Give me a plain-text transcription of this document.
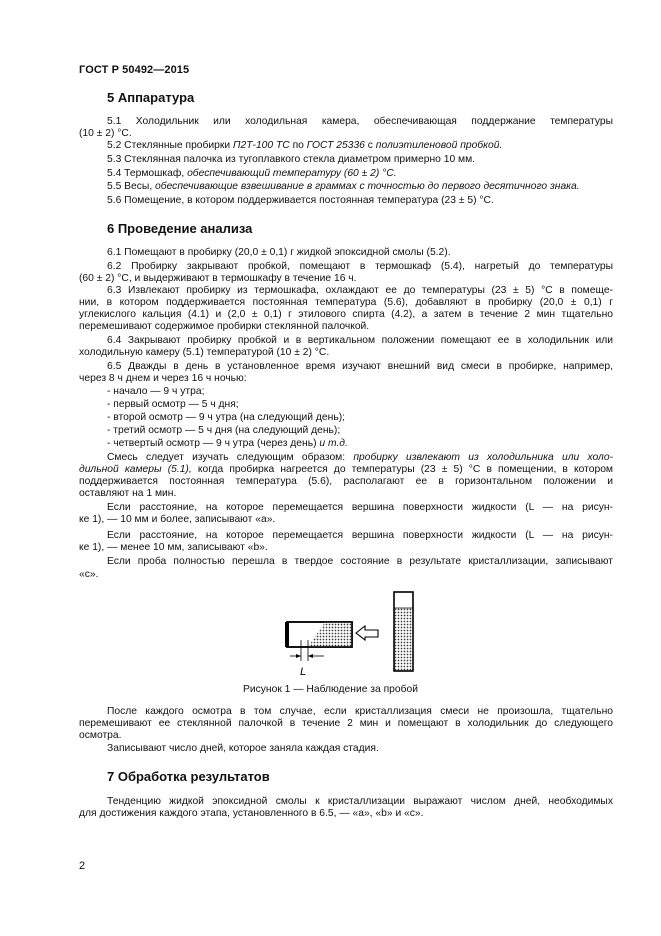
ГОСТ Р 50492—2015
5 Аппаратура
5.1 Холодильник или холодильная камера, обеспечивающая поддержание температуры
(10 ± 2) °С.
5.2 Стеклянные пробирки П2Т-100 ТС по ГОСТ 25336 с полиэтиленовой пробкой.
5.3 Стеклянная палочка из тугоплавкого стекла диаметром примерно 10 мм.
5.4 Термошкаф, обеспечивающий температуру (60 ± 2) °С.
5.5 Весы, обеспечивающие взвешивание в граммах с точностью до первого десятичного знака.
5.6 Помещение, в котором поддерживается постоянная температура (23 ± 5) °С.
6 Проведение анализа
6.1 Помещают в пробирку (20,0 ± 0,1) г жидкой эпоксидной смолы (5.2).
6.2 Пробирку закрывают пробкой, помещают в термошкаф (5.4), нагретый до температуры
(60 ± 2) °С, и выдерживают в термошкафу в течение 16 ч.
6.3 Извлекают пробирку из термошкафа, охлаждают ее до температуры (23 ± 5) °С в помеще-
нии, в котором поддерживается постоянная температура (5.6), добавляют в пробирку (20,0 ± 0,1) г
углекислого кальция (4.1) и (2,0 ± 0,1) г этилового спирта (4.2), а затем в течение 2 мин тщательно
перемешивают содержимое пробирки стеклянной палочкой.
6.4 Закрывают пробирку пробкой и в вертикальном положении помещают ее в холодильник или
холодильную камеру (5.1) температурой (10 ± 2) °С.
6.5 Дважды в день в установленное время изучают внешний вид смеси в пробирке, например,
через 8 ч днем и через 16 ч ночью:
- начало — 9 ч утра;
- первый осмотр — 5 ч дня;
- второй осмотр — 9 ч утра (на следующий день);
- третий осмотр — 5 ч дня (на следующий день);
- четвертый осмотр — 9 ч утра (через день) и т.д.
Смесь следует изучать следующим образом: пробирку извлекают из холодильника или холо-
дильной камеры (5.1), когда пробирка нагреется до температуры (23 ± 5) °С в помещении, в котором
поддерживается постоянная температура (5.6), располагают ее в горизонтальном положении и
оставляют на 1 мин.
Если расстояние, на которое перемещается вершина поверхности жидкости (L — на рисун-
ке 1), — 10 мм и более, записывают «а».
Если расстояние, на которое перемещается вершина поверхности жидкости (L — на рисун-
ке 1), — менее 10 мм, записывают «b».
Если проба полностью перешла в твердое состояние в результате кристаллизации, записывают
«c».
L
Рисунок 1 — Наблюдение за пробой
После каждого осмотра в том случае, если кристаллизация смеси не произошла, тщательно
перемешивают ее стеклянной палочкой в течение 2 мин и помещают в холодильник до следующего
осмотра.
Записывают число дней, которое заняла каждая стадия.
7 Обработка результатов
Тенденцию жидкой эпоксидной смолы к кристаллизации выражают числом дней, необходимых
для достижения каждого этапа, установленного в 6.5, — «а», «b» и «с».
2
